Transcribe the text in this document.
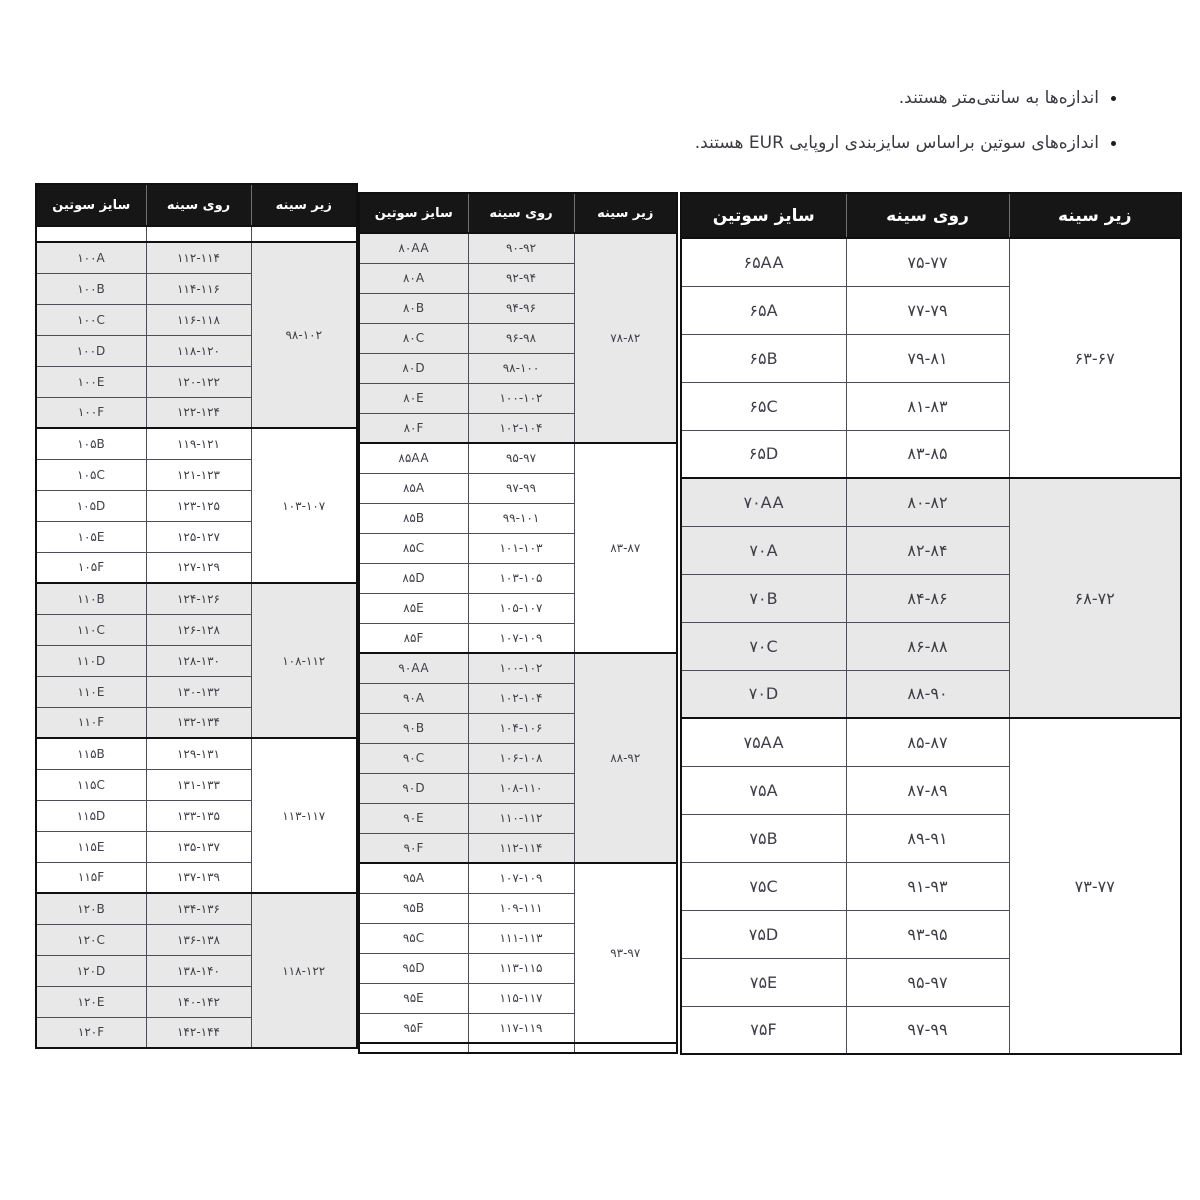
اندازه‌ها به سانتی‌متر هستند.
اندازه‌های سوتین براساس سایزبندی اروپایی EUR هستند.
سایز سوتین	روی سینه	زیر سینه

۱۰۰A	۱۱۲-۱۱۴	۹۸-۱۰۲
۱۰۰B	۱۱۴-۱۱۶	
۱۰۰C	۱۱۶-۱۱۸	
۱۰۰D	۱۱۸-۱۲۰	
۱۰۰E	۱۲۰-۱۲۲	
۱۰۰F	۱۲۲-۱۲۴	
۱۰۵B	۱۱۹-۱۲۱	۱۰۳-۱۰۷
۱۰۵C	۱۲۱-۱۲۳	
۱۰۵D	۱۲۳-۱۲۵	
۱۰۵E	۱۲۵-۱۲۷	
۱۰۵F	۱۲۷-۱۲۹	
۱۱۰B	۱۲۴-۱۲۶	۱۰۸-۱۱۲
۱۱۰C	۱۲۶-۱۲۸	
۱۱۰D	۱۲۸-۱۳۰	
۱۱۰E	۱۳۰-۱۳۲	
۱۱۰F	۱۳۲-۱۳۴	
۱۱۵B	۱۲۹-۱۳۱	۱۱۳-۱۱۷
۱۱۵C	۱۳۱-۱۳۳	
۱۱۵D	۱۳۳-۱۳۵	
۱۱۵E	۱۳۵-۱۳۷	
۱۱۵F	۱۳۷-۱۳۹	
۱۲۰B	۱۳۴-۱۳۶	۱۱۸-۱۲۲
۱۲۰C	۱۳۶-۱۳۸	
۱۲۰D	۱۳۸-۱۴۰	
۱۲۰E	۱۴۰-۱۴۲	
۱۲۰F	۱۴۲-۱۴۴	
سایز سوتین	روی سینه	زیر سینه
۸۰AA	۹۰-۹۲	۷۸-۸۲
۸۰A	۹۲-۹۴	
۸۰B	۹۴-۹۶	
۸۰C	۹۶-۹۸	
۸۰D	۹۸-۱۰۰	
۸۰E	۱۰۰-۱۰۲	
۸۰F	۱۰۲-۱۰۴	
۸۵AA	۹۵-۹۷	۸۳-۸۷
۸۵A	۹۷-۹۹	
۸۵B	۹۹-۱۰۱	
۸۵C	۱۰۱-۱۰۳	
۸۵D	۱۰۳-۱۰۵	
۸۵E	۱۰۵-۱۰۷	
۸۵F	۱۰۷-۱۰۹	
۹۰AA	۱۰۰-۱۰۲	۸۸-۹۲
۹۰A	۱۰۲-۱۰۴	
۹۰B	۱۰۴-۱۰۶	
۹۰C	۱۰۶-۱۰۸	
۹۰D	۱۰۸-۱۱۰	
۹۰E	۱۱۰-۱۱۲	
۹۰F	۱۱۲-۱۱۴	
۹۵A	۱۰۷-۱۰۹	۹۳-۹۷
۹۵B	۱۰۹-۱۱۱	
۹۵C	۱۱۱-۱۱۳	
۹۵D	۱۱۳-۱۱۵	
۹۵E	۱۱۵-۱۱۷	
۹۵F	۱۱۷-۱۱۹	

سایز سوتین	روی سینه	زیر سینه
۶۵AA	۷۵-۷۷	۶۳-۶۷
۶۵A	۷۷-۷۹	
۶۵B	۷۹-۸۱	
۶۵C	۸۱-۸۳	
۶۵D	۸۳-۸۵	
۷۰AA	۸۰-۸۲	۶۸-۷۲
۷۰A	۸۲-۸۴	
۷۰B	۸۴-۸۶	
۷۰C	۸۶-۸۸	
۷۰D	۸۸-۹۰	
۷۵AA	۸۵-۸۷	۷۳-۷۷
۷۵A	۸۷-۸۹	
۷۵B	۸۹-۹۱	
۷۵C	۹۱-۹۳	
۷۵D	۹۳-۹۵	
۷۵E	۹۵-۹۷	
۷۵F	۹۷-۹۹	
